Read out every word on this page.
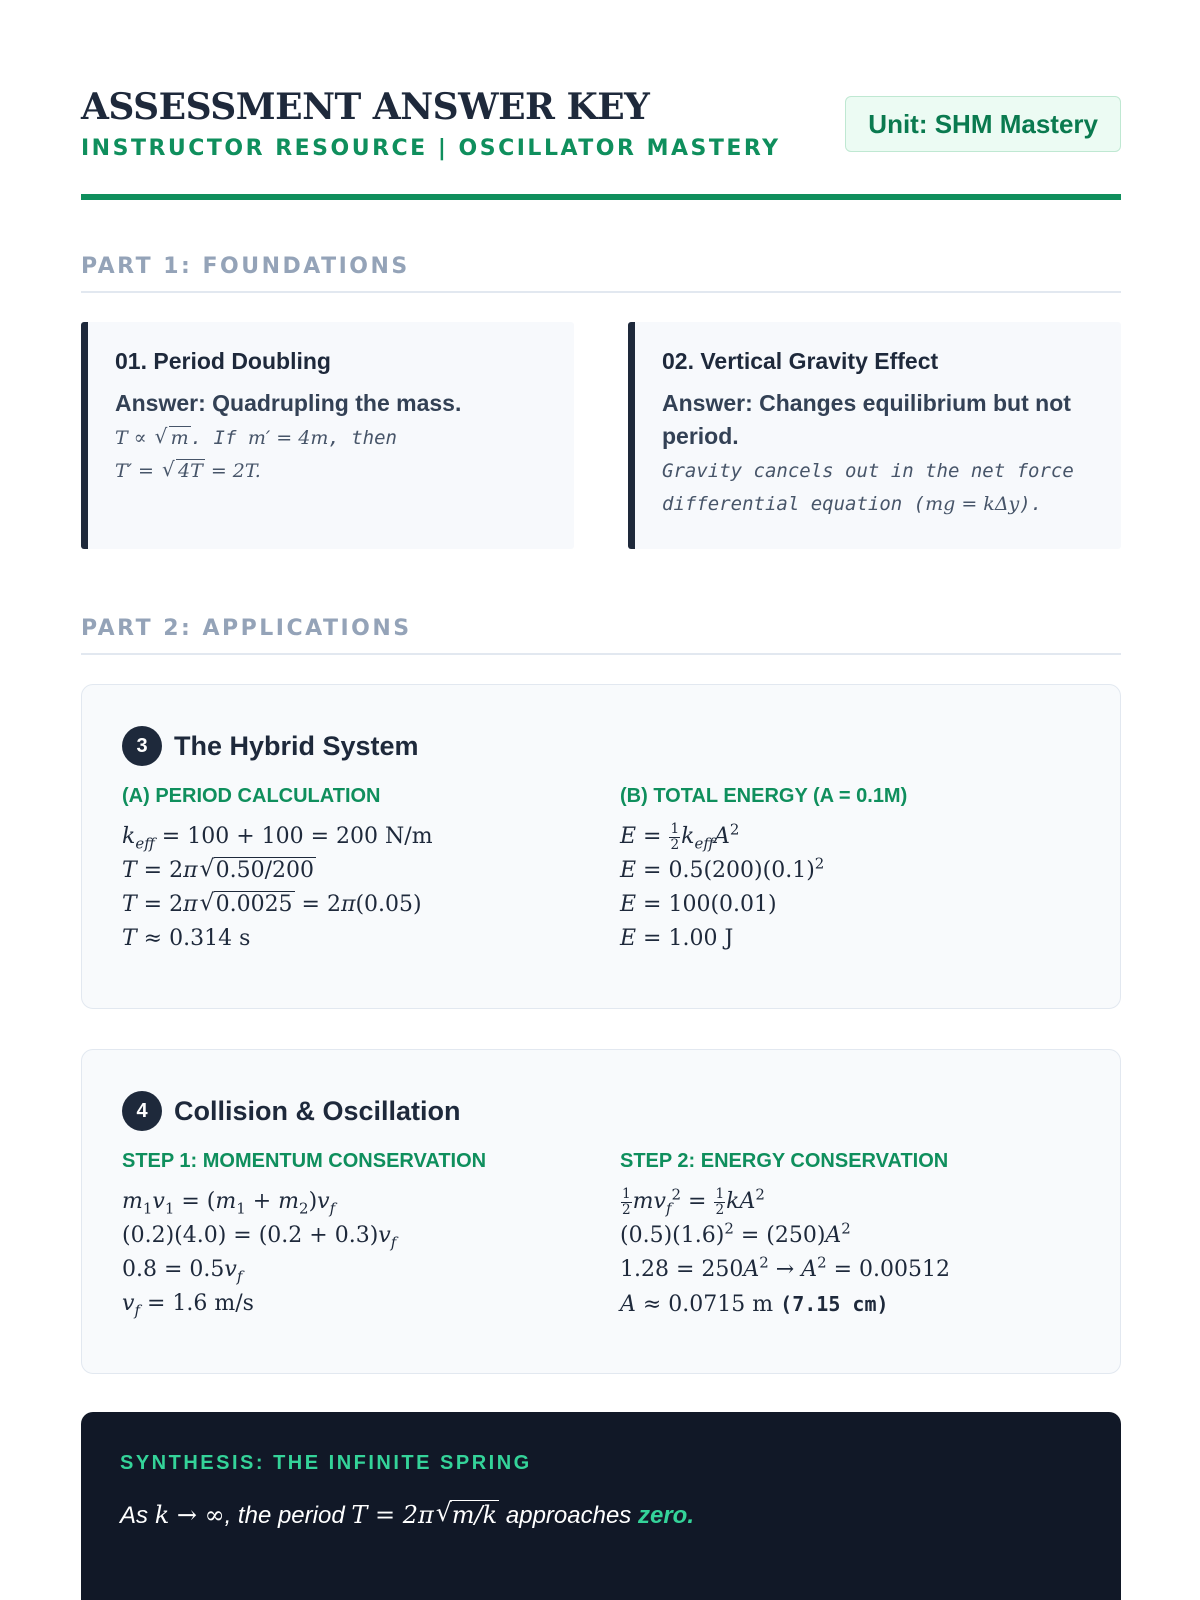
ASSESSMENT ANSWER KEY
INSTRUCTOR RESOURCE | OSCILLATOR MASTERY
Unit: SHM Mastery
PART 1: FOUNDATIONS
01. Period Doubling
Answer: Quadrupling the mass.
T ∝ √ m . If m′ = 4m, then
T′ = √ 4T = 2T.
02. Vertical Gravity Effect
Answer: Changes equilibrium but not period.
Gravity cancels out in the net force differential equation (mg = kΔy).
PART 2: APPLICATIONS
3 The Hybrid System
(A) PERIOD CALCULATION
$k_{eff} = 100 + 100 = 200$ N/m
T = 2π √ 0.50/200
T = 2π √ 0.0025 = 2π(0.05)
T ≈ 0.314 s
(B) TOTAL ENERGY (A = 0.1M)
$E = \frac{1}{2} k_{eff}A^2$
$E = 0.5(200)(0.1)^2$
E = 100(0.01)
E = 1.00 J
4 Collision & Oscillation
STEP 1: MOMENTUM CONSERVATION
$m_1v_1 = (m_1 + m_2)v_f$
$(0.2)(4.0) = (0.2 + 0.3)v_f$
$0.8 = 0.5v_f$
$v_f = 1.6$ m/s
STEP 2: ENERGY CONSERVATION
$\frac{1}{2} mv_f^2 = \frac{1}{2} kA^2$
$(0.5)(1.6)^2 = (250)A^2$
$1.28 = 250A^2 \to A^2 = 0.00512$
A ≈ 0.0715 m (7.15 cm)
SYNTHESIS: THE INFINITE SPRING
As k → ∞, the period T = 2π √ m/k approaches zero.
